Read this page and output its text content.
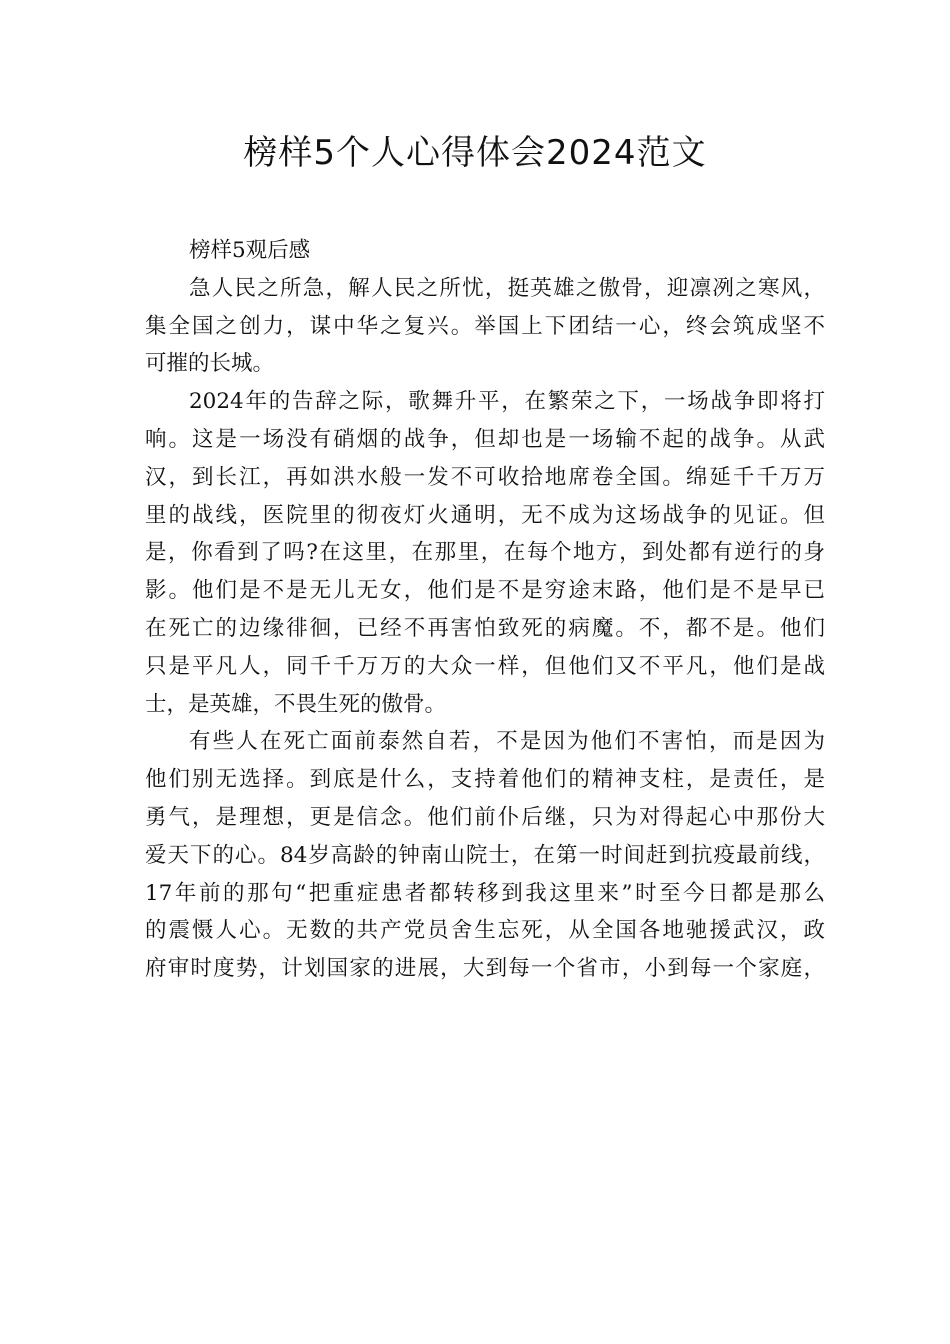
榜样5个人心得体会2024范文
榜样5观后感
急人民之所急，解人民之所忧，挺英雄之傲骨，迎凛冽之寒风，
集全国之创力，谋中华之复兴。举国上下团结一心，终会筑成坚不
可摧的长城。
2024年的告辞之际，歌舞升平，在繁荣之下，一场战争即将打
响。这是一场没有硝烟的战争，但却也是一场输不起的战争。从武
汉，到长江，再如洪水般一发不可收拾地席卷全国。绵延千千万万
里的战线，医院里的彻夜灯火通明，无不成为这场战争的见证。但
是，你看到了吗?在这里，在那里，在每个地方，到处都有逆行的身
影。他们是不是无儿无女，他们是不是穷途末路，他们是不是早已
在死亡的边缘徘徊，已经不再害怕致死的病魔。不，都不是。他们
只是平凡人，同千千万万的大众一样，但他们又不平凡，他们是战
士，是英雄，不畏生死的傲骨。
有些人在死亡面前泰然自若，不是因为他们不害怕，而是因为
他们别无选择。到底是什么，支持着他们的精神支柱，是责任，是
勇气，是理想，更是信念。他们前仆后继，只为对得起心中那份大
爱天下的心。84岁高龄的钟南山院士，在第一时间赶到抗疫最前线，
17年前的那句“把重症患者都转移到我这里来”时至今日都是那么
的震慑人心。无数的共产党员舍生忘死，从全国各地驰援武汉，政
府审时度势，计划国家的进展，大到每一个省市，小到每一个家庭，
